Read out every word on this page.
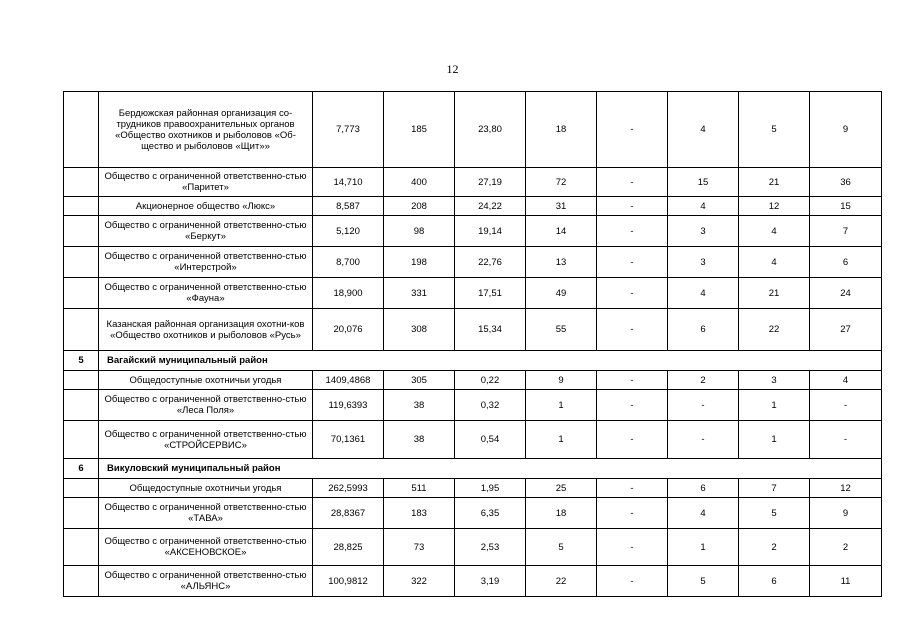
12
	Бердюжская районная организация со-трудников правоохранительных органов «Общество охотников и рыболовов «Об-щество и рыболовов «Щит»»	7,773	185	23,80	18	-	4	5	9
	Общество с ограниченной ответственно-стью «Паритет»	14,710	400	27,19	72	-	15	21	36
	Акционерное общество «Люкс»	8,587	208	24,22	31	-	4	12	15
	Общество с ограниченной ответственно-стью «Беркут»	5,120	98	19,14	14	-	3	4	7
	Общество с ограниченной ответственно-стью «Интерстрой»	8,700	198	22,76	13	-	3	4	6
	Общество с ограниченной ответственно-стью «Фауна»	18,900	331	17,51	49	-	4	21	24
	Казанская районная организация охотни-ков «Общество охотников и рыболовов «Русь»	20,076	308	15,34	55	-	6	22	27
5	Вагайский муниципальный район								
	Общедоступные охотничьи угодья	1409,4868	305	0,22	9	-	2	3	4
	Общество с ограниченной ответственно-стью «Леса Поля»	119,6393	38	0,32	1	-	-	1	-
	Общество с ограниченной ответственно-стью «СТРОЙСЕРВИС»	70,1361	38	0,54	1	-	-	1	-
6	Викуловский муниципальный район								
	Общедоступные охотничьи угодья	262,5993	511	1,95	25	-	6	7	12
	Общество с ограниченной ответственно-стью «ТАВА»	28,8367	183	6,35	18	-	4	5	9
	Общество с ограниченной ответственно-стью «АКСЕНОВСКОЕ»	28,825	73	2,53	5	-	1	2	2
	Общество с ограниченной ответственно-стью «АЛЬЯНС»	100,9812	322	3,19	22	-	5	6	11
